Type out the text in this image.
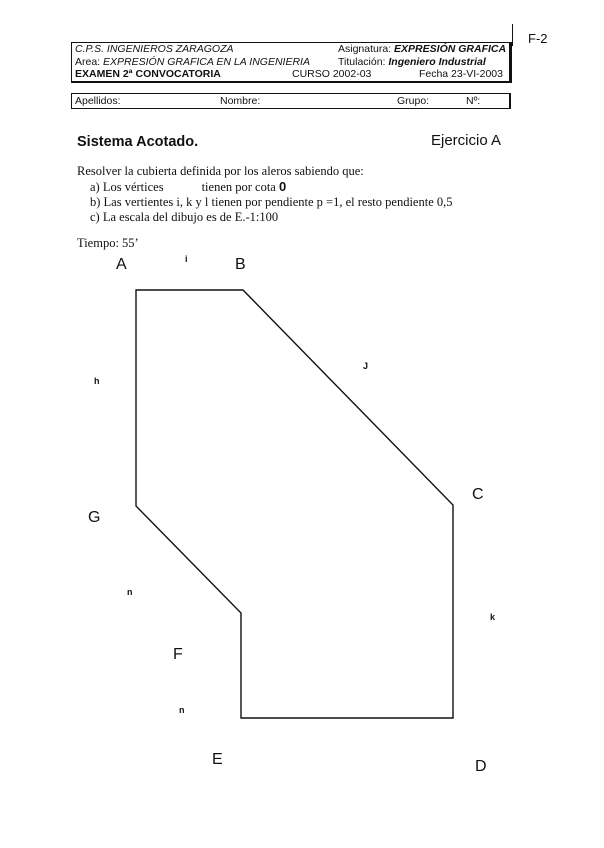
F-2
C.P.S. INGENIEROS ZARAGOZA	Asignatura: EXPRESIÓN GRAFICA
Area: EXPRESIÓN GRAFICA EN LA INGENIERIA	Titulación: Ingeniero Industrial
EXAMEN 2ª CONVOCATORIA	CURSO 2002-03	Fecha 23-VI-2003
Apellidos:	Nombre:	Grupo:	Nº:
Sistema Acotado.	Ejercicio A
Resolver la cubierta definida por los aleros sabiendo que:
a) Los vértices	tienen por cota 0
b) Las vertientes i, k y l tienen por pendiente p =1, el resto pendiente 0,5
c) La escala del dibujo es de E.-1:100
Tiempo: 55’
A	B
C
D
E
F
G
i
J
k
n
n
h
